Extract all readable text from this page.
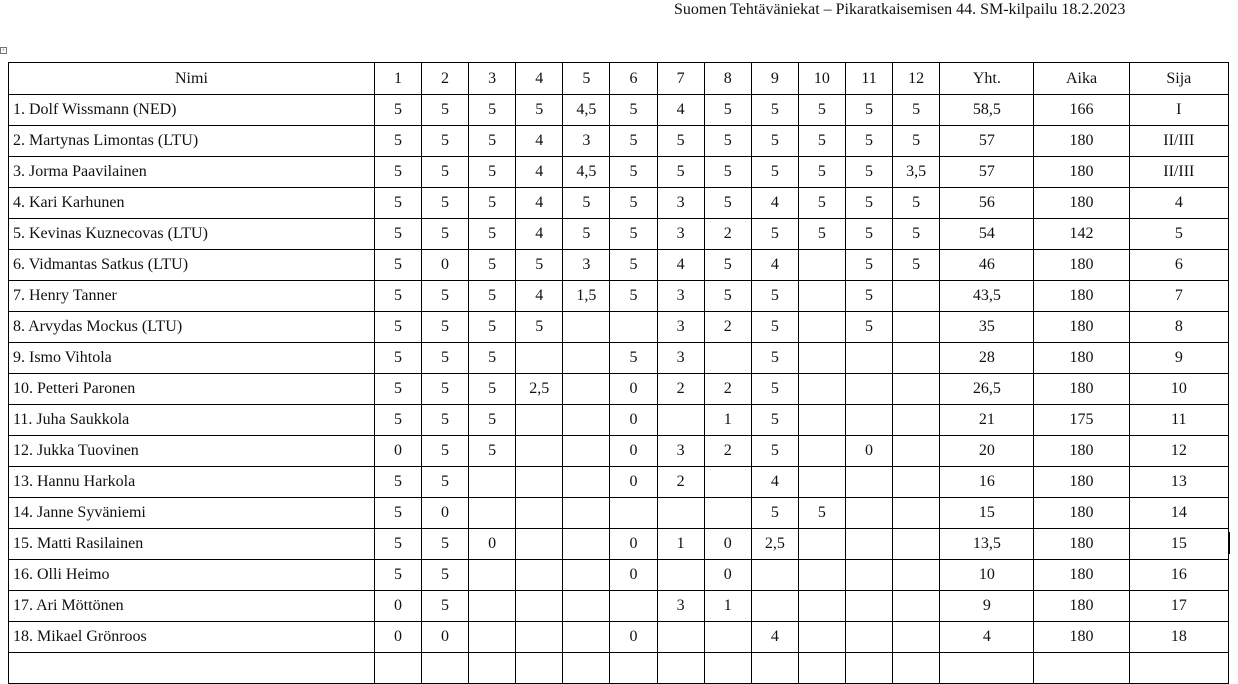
Suomen Tehtäväniekat – Pikaratkaisemisen 44. SM-kilpailu 18.2.2023
+
Nimi	1	2	3	4	5	6	7	8	9	10	11	12	Yht.	Aika	Sija
1. Dolf Wissmann (NED)	5	5	5	5	4,5	5	4	5	5	5	5	5	58,5	166	I
2. Martynas Limontas (LTU)	5	5	5	4	3	5	5	5	5	5	5	5	57	180	II/III
3. Jorma Paavilainen	5	5	5	4	4,5	5	5	5	5	5	5	3,5	57	180	II/III
4. Kari Karhunen	5	5	5	4	5	5	3	5	4	5	5	5	56	180	4
5. Kevinas Kuznecovas (LTU)	5	5	5	4	5	5	3	2	5	5	5	5	54	142	5
6. Vidmantas Satkus (LTU)	5	0	5	5	3	5	4	5	4		5	5	46	180	6
7. Henry Tanner	5	5	5	4	1,5	5	3	5	5		5		43,5	180	7
8. Arvydas Mockus (LTU)	5	5	5	5			3	2	5		5		35	180	8
9. Ismo Vihtola	5	5	5			5	3		5				28	180	9
10. Petteri Paronen	5	5	5	2,5		0	2	2	5				26,5	180	10
11. Juha Saukkola	5	5	5			0		1	5				21	175	11
12. Jukka Tuovinen	0	5	5			0	3	2	5		0		20	180	12
13. Hannu Harkola	5	5				0	2		4				16	180	13
14. Janne Syväniemi	5	0							5	5			15	180	14
15. Matti Rasilainen	5	5	0			0	1	0	2,5				13,5	180	15
16. Olli Heimo	5	5				0		0					10	180	16
17. Ari Möttönen	0	5					3	1					9	180	17
18. Mikael Grönroos	0	0				0			4				4	180	18
